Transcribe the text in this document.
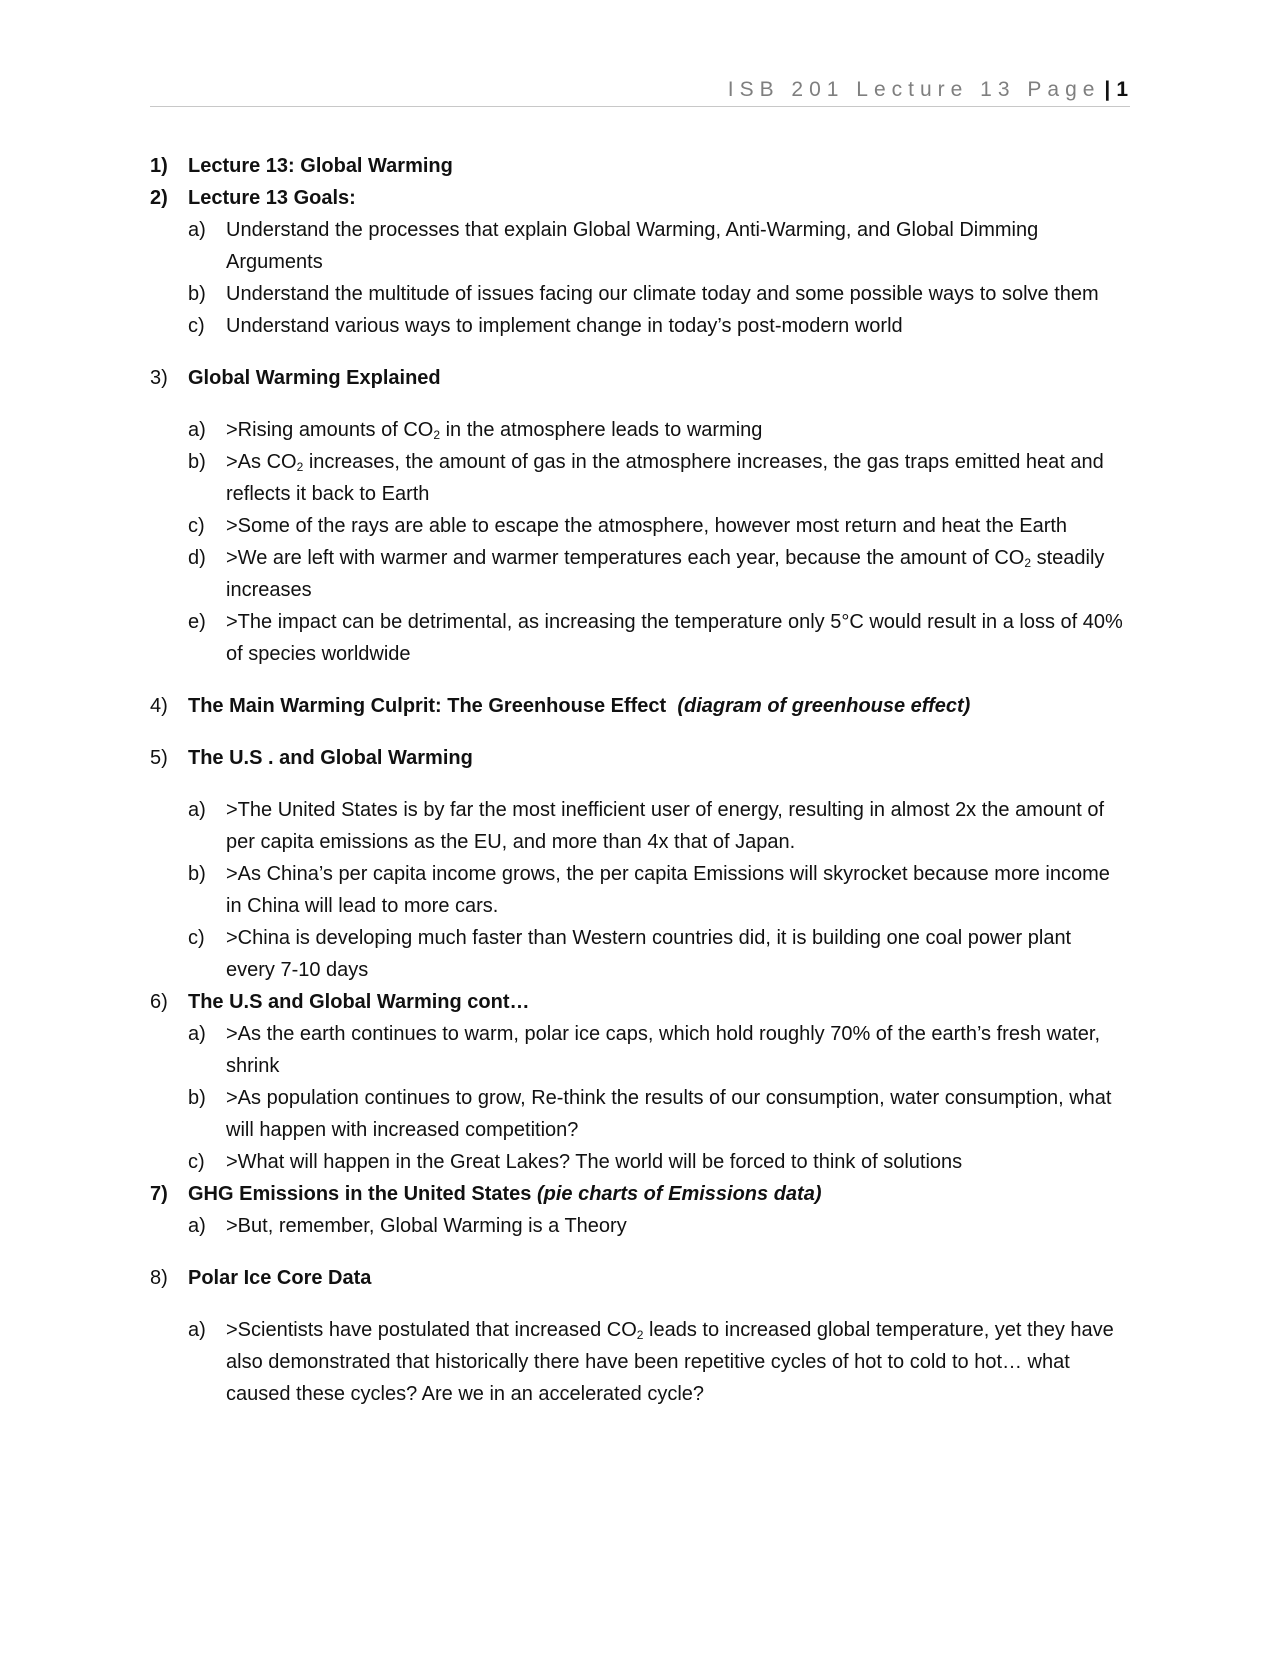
ISB 201 Lecture 13 Page | 1
1)	Lecture 13: Global Warming
2)	Lecture 13 Goals:
a)	Understand the processes that explain Global Warming, Anti-Warming, and Global Dimming Arguments
b)	Understand the multitude of issues facing our climate today and some possible ways to solve them
c)	Understand various ways to implement change in today’s post-modern world
3)	Global Warming Explained
a)	>Rising amounts of $CO_2$ in the atmosphere leads to warming
b)	>As $CO_2$ increases, the amount of gas in the atmosphere increases, the gas traps emitted heat and reflects it back to Earth
c)	>Some of the rays are able to escape the atmosphere, however most return and heat the Earth
d)	>We are left with warmer and warmer temperatures each year, because the amount of $CO_2$ steadily increases
e)	>The impact can be detrimental, as increasing the temperature only 5°C would result in a loss of 40% of species worldwide
4)	The Main Warming Culprit: The Greenhouse Effect (diagram of greenhouse effect)
5)	The U.S . and Global Warming
a)	>The United States is by far the most inefficient user of energy, resulting in almost 2x the amount of per capita emissions as the EU, and more than 4x that of Japan.
b)	>As China’s per capita income grows, the per capita Emissions will skyrocket because more income in China will lead to more cars.
c)	>China is developing much faster than Western countries did, it is building one coal power plant every 7-10 days
6)	The U.S and Global Warming cont…
a)	>As the earth continues to warm, polar ice caps, which hold roughly 70% of the earth’s fresh water, shrink
b)	>As population continues to grow, Re-think the results of our consumption, water consumption, what will happen with increased competition?
c)	>What will happen in the Great Lakes? The world will be forced to think of solutions
7)	GHG Emissions in the United States (pie charts of Emissions data)
a)	>But, remember, Global Warming is a Theory
8)	Polar Ice Core Data
a)	>Scientists have postulated that increased $CO_2$ leads to increased global temperature, yet they have also demonstrated that historically there have been repetitive cycles of hot to cold to hot… what caused these cycles? Are we in an accelerated cycle?
